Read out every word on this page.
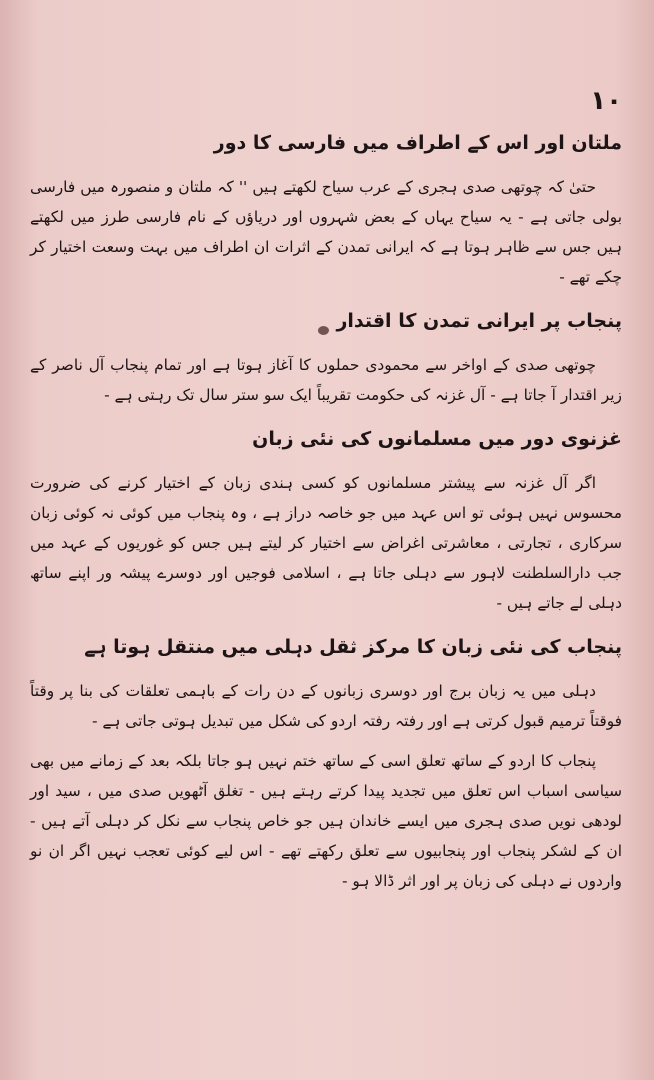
۱۰
ملتان اور اس کے اطراف میں فارسی کا دور

حتیٰ کہ چوتھی صدی ہجری کے عرب سیاح لکھتے ہیں '' کہ ملتان و منصورہ میں فارسی بولی جاتی ہے - یہ سیاح یہاں کے بعض شہروں اور دریاؤں کے نام فارسی طرز میں لکھتے ہیں جس سے ظاہر ہوتا ہے کہ ایرانی تمدن کے اثرات ان اطراف میں بہت وسعت اختیار کر چکے تھے -

پنجاب پر ایرانی تمدن کا اقتدار

چوتھی صدی کے اواخر سے محمودی حملوں کا آغاز ہوتا ہے اور تمام پنجاب آل ناصر کے زیر اقتدار آ جاتا ہے - آل غزنہ کی حکومت تقریباً ایک سو ستر سال تک رہتی ہے -

غزنوی دور میں مسلمانوں کی نئی زبان

اگر آل غزنہ سے پیشتر مسلمانوں کو کسی ہندی زبان کے اختیار کرنے کی ضرورت محسوس نہیں ہوئی تو اس عہد میں جو خاصہ دراز ہے ، وہ پنجاب میں کوئی نہ کوئی زبان سرکاری ، تجارتی ، معاشرتی اغراض سے اختیار کر لیتے ہیں جس کو غوریوں کے عہد میں جب دارالسلطنت لاہور سے دہلی جاتا ہے ، اسلامی فوجیں اور دوسرے پیشہ ور اپنے ساتھ دہلی لے جاتے ہیں -

پنجاب کی نئی زبان کا مرکز ثقل دہلی میں منتقل ہوتا ہے

دہلی میں یہ زبان برج اور دوسری زبانوں کے دن رات کے باہمی تعلقات کی بنا پر وقتاً فوقتاً ترمیم قبول کرتی ہے اور رفتہ رفتہ اردو کی شکل میں تبدیل ہوتی جاتی ہے -

پنجاب کا اردو کے ساتھ تعلق اسی کے ساتھ ختم نہیں ہو جاتا بلکہ بعد کے زمانے میں بھی سیاسی اسباب اس تعلق میں تجدید پیدا کرتے رہتے ہیں - تغلق آٹھویں صدی میں ، سید اور لودھی نویں صدی ہجری میں ایسے خاندان ہیں جو خاص پنجاب سے نکل کر دہلی آتے ہیں - ان کے لشکر پنجاب اور پنجابیوں سے تعلق رکھتے تھے - اس لیے کوئی تعجب نہیں اگر ان نو واردوں نے دہلی کی زبان پر اور اثر ڈالا ہو -
